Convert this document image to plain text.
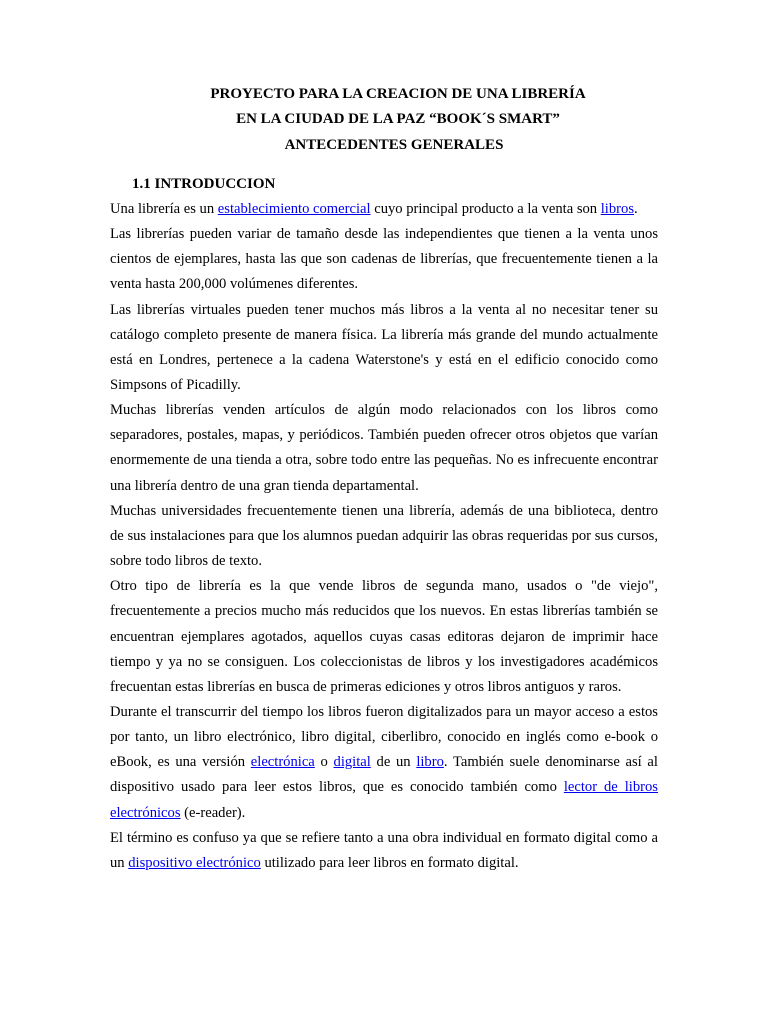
PROYECTO PARA LA CREACION DE UNA LIBRERÍA
EN LA CIUDAD DE LA PAZ “BOOK´S SMART”
ANTECEDENTES GENERALES
1.1 INTRODUCCION

Una librería es un establecimiento comercial cuyo principal producto a la venta son libros.

Las librerías pueden variar de tamaño desde las independientes que tienen a la venta unos cientos de ejemplares, hasta las que son cadenas de librerías, que frecuentemente tienen a la venta hasta 200,000 volúmenes diferentes.

Las librerías virtuales pueden tener muchos más libros a la venta al no necesitar tener su catálogo completo presente de manera física. La librería más grande del mundo actualmente está en Londres, pertenece a la cadena Waterstone's y está en el edificio conocido como Simpsons of Picadilly.

Muchas librerías venden artículos de algún modo relacionados con los libros como separadores, postales, mapas, y periódicos. También pueden ofrecer otros objetos que varían enormemente de una tienda a otra, sobre todo entre las pequeñas. No es infrecuente encontrar una librería dentro de una gran tienda departamental.

Muchas universidades frecuentemente tienen una librería, además de una biblioteca, dentro de sus instalaciones para que los alumnos puedan adquirir las obras requeridas por sus cursos, sobre todo libros de texto.

Otro tipo de librería es la que vende libros de segunda mano, usados o "de viejo", frecuentemente a precios mucho más reducidos que los nuevos. En estas librerías también se encuentran ejemplares agotados, aquellos cuyas casas editoras dejaron de imprimir hace tiempo y ya no se consiguen. Los coleccionistas de libros y los investigadores académicos frecuentan estas librerías en busca de primeras ediciones y otros libros antiguos y raros.

Durante el transcurrir del tiempo los libros fueron digitalizados para un mayor acceso a estos por tanto, un libro electrónico, libro digital, ciberlibro, conocido en inglés como e-book o eBook, es una versión electrónica o digital de un libro. También suele denominarse así al dispositivo usado para leer estos libros, que es conocido también como lector de libros electrónicos (e-reader).

El término es confuso ya que se refiere tanto a una obra individual en formato digital como a un dispositivo electrónico utilizado para leer libros en formato digital.
